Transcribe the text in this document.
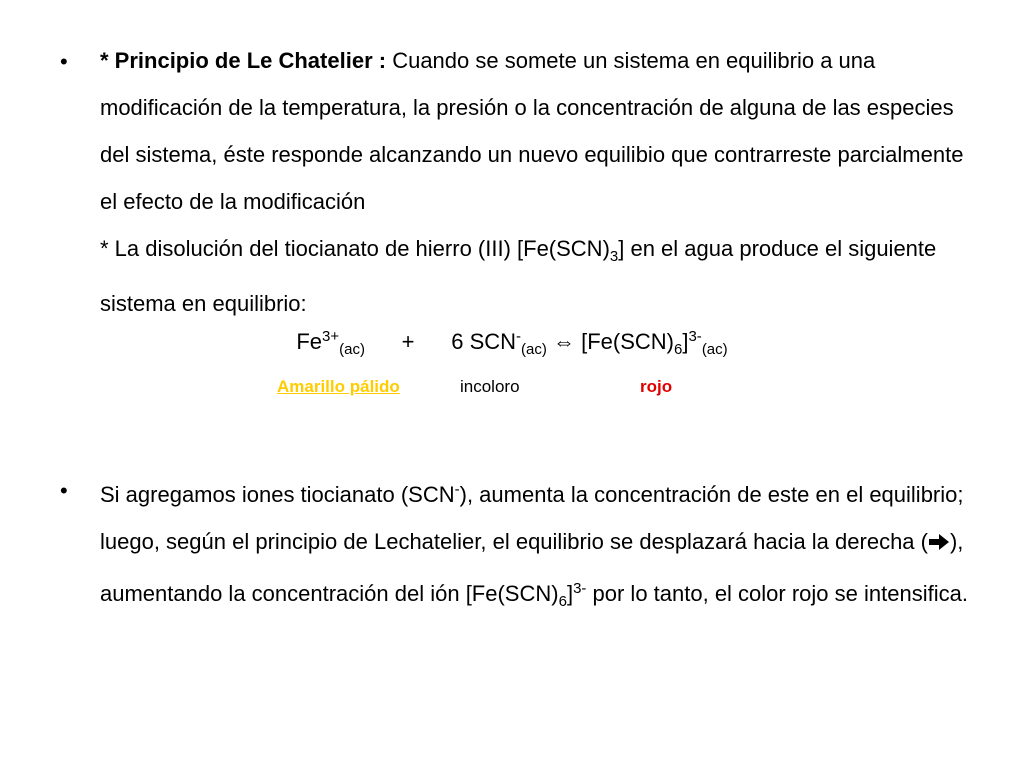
• * Principio de Le Chatelier : Cuando se somete un sistema en equilibrio a una modificación de la temperatura, la presión o la concentración de alguna de las especies del sistema, éste responde alcanzando un nuevo equilibio que contrarreste parcialmente el efecto de la modificación
* La disolución del tiocianato de hierro (III) $[Fe(SCN)_3]$ en el agua produce el siguiente sistema en equilibrio:
$Fe^{3+}_{(ac)} + 6$ $SCN^-_{(ac)}$ ⇔ $[Fe(SCN)_6]^{3-}_{(ac)}$
Amarillo pálido	incoloro	rojo
• Si agregamos iones tiocianato (SCN-), aumenta la concentración de este en el equilibrio; luego, según el principio de Lechatelier, el equilibrio se desplazará hacia la derecha ( ), aumentando la concentración del ión $[Fe(SCN)_6]^{3-}$ por lo tanto, el color rojo se intensifica.
